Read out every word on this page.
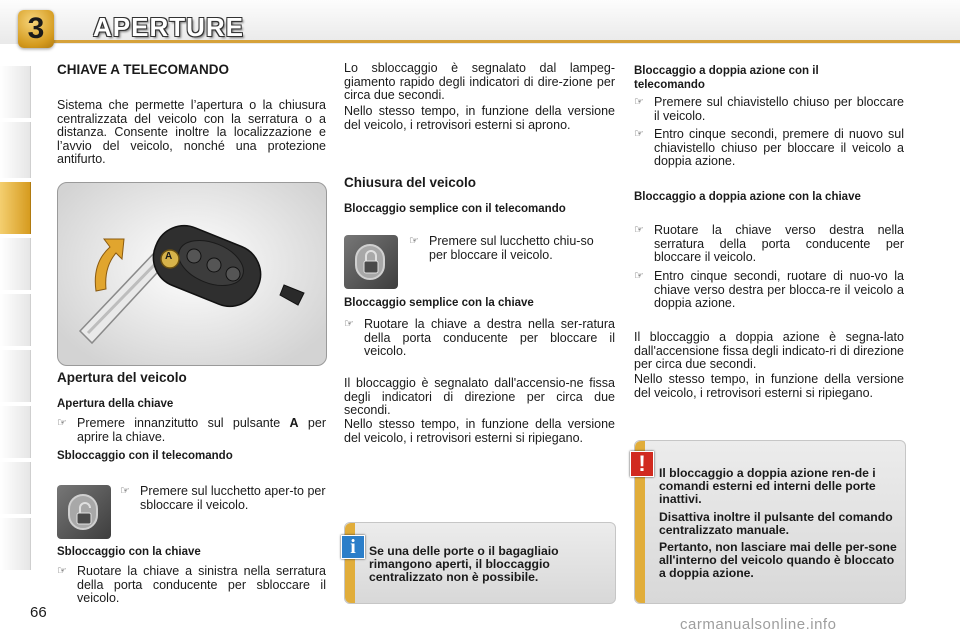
3 APERTURE
CHIAVE A TELECOMANDO
Sistema che permette l’apertura o la chiusura centralizzata del veicolo con la serratura o a distanza. Consente inoltre la localizzazione e l’avvio del veicolo, nonché una protezione antifurto.
A
Apertura del veicolo
Apertura della chiave
☞ Premere innanzitutto sul pulsante A per aprire la chiave.
Sbloccaggio con il telecomando
☞ Premere sul lucchetto aper-to per sbloccare il veicolo.
Sbloccaggio con la chiave
☞ Ruotare la chiave a sinistra nella serratura della porta conducente per sbloccare il veicolo.
Lo sbloccaggio è segnalato dal lampeg-giamento rapido degli indicatori di dire-zione per circa due secondi.
Nello stesso tempo, in funzione della versione del veicolo, i retrovisori esterni si aprono.
Chiusura del veicolo
Bloccaggio semplice con il telecomando
☞ Premere sul lucchetto chiu-so per bloccare il veicolo.
Bloccaggio semplice con la chiave
☞ Ruotare la chiave a destra nella ser-ratura della porta conducente per bloccare il veicolo.
Il bloccaggio è segnalato dall'accensio-ne fissa degli indicatori di direzione per circa due secondi.
Nello stesso tempo, in funzione della versione del veicolo, i retrovisori esterni si ripiegano.
Se una delle porte o il bagagliaio rimangono aperti, il bloccaggio centralizzato non è possibile.
i
Bloccaggio a doppia azione con il telecomando
☞ Premere sul chiavistello chiuso per bloccare il veicolo.
☞ Entro cinque secondi, premere di nuovo sul chiavistello chiuso per bloccare il veicolo a doppia azione.
Bloccaggio a doppia azione con la chiave
☞ Ruotare la chiave verso destra nella serratura della porta conducente per bloccare il veicolo.
☞ Entro cinque secondi, ruotare di nuo-vo la chiave verso destra per blocca-re il veicolo a doppia azione.
Il bloccaggio a doppia azione è segna-lato dall'accensione fissa degli indicato-ri di direzione per circa due secondi.
Nello stesso tempo, in funzione della versione del veicolo, i retrovisori esterni si ripiegano.
Il bloccaggio a doppia azione ren-de i comandi esterni ed interni delle porte inattivi.
Disattiva inoltre il pulsante del comando centralizzato manuale.
Pertanto, non lasciare mai delle per-sone all'interno del veicolo quando è bloccato a doppia azione.
!
66
carmanualsonline.info
